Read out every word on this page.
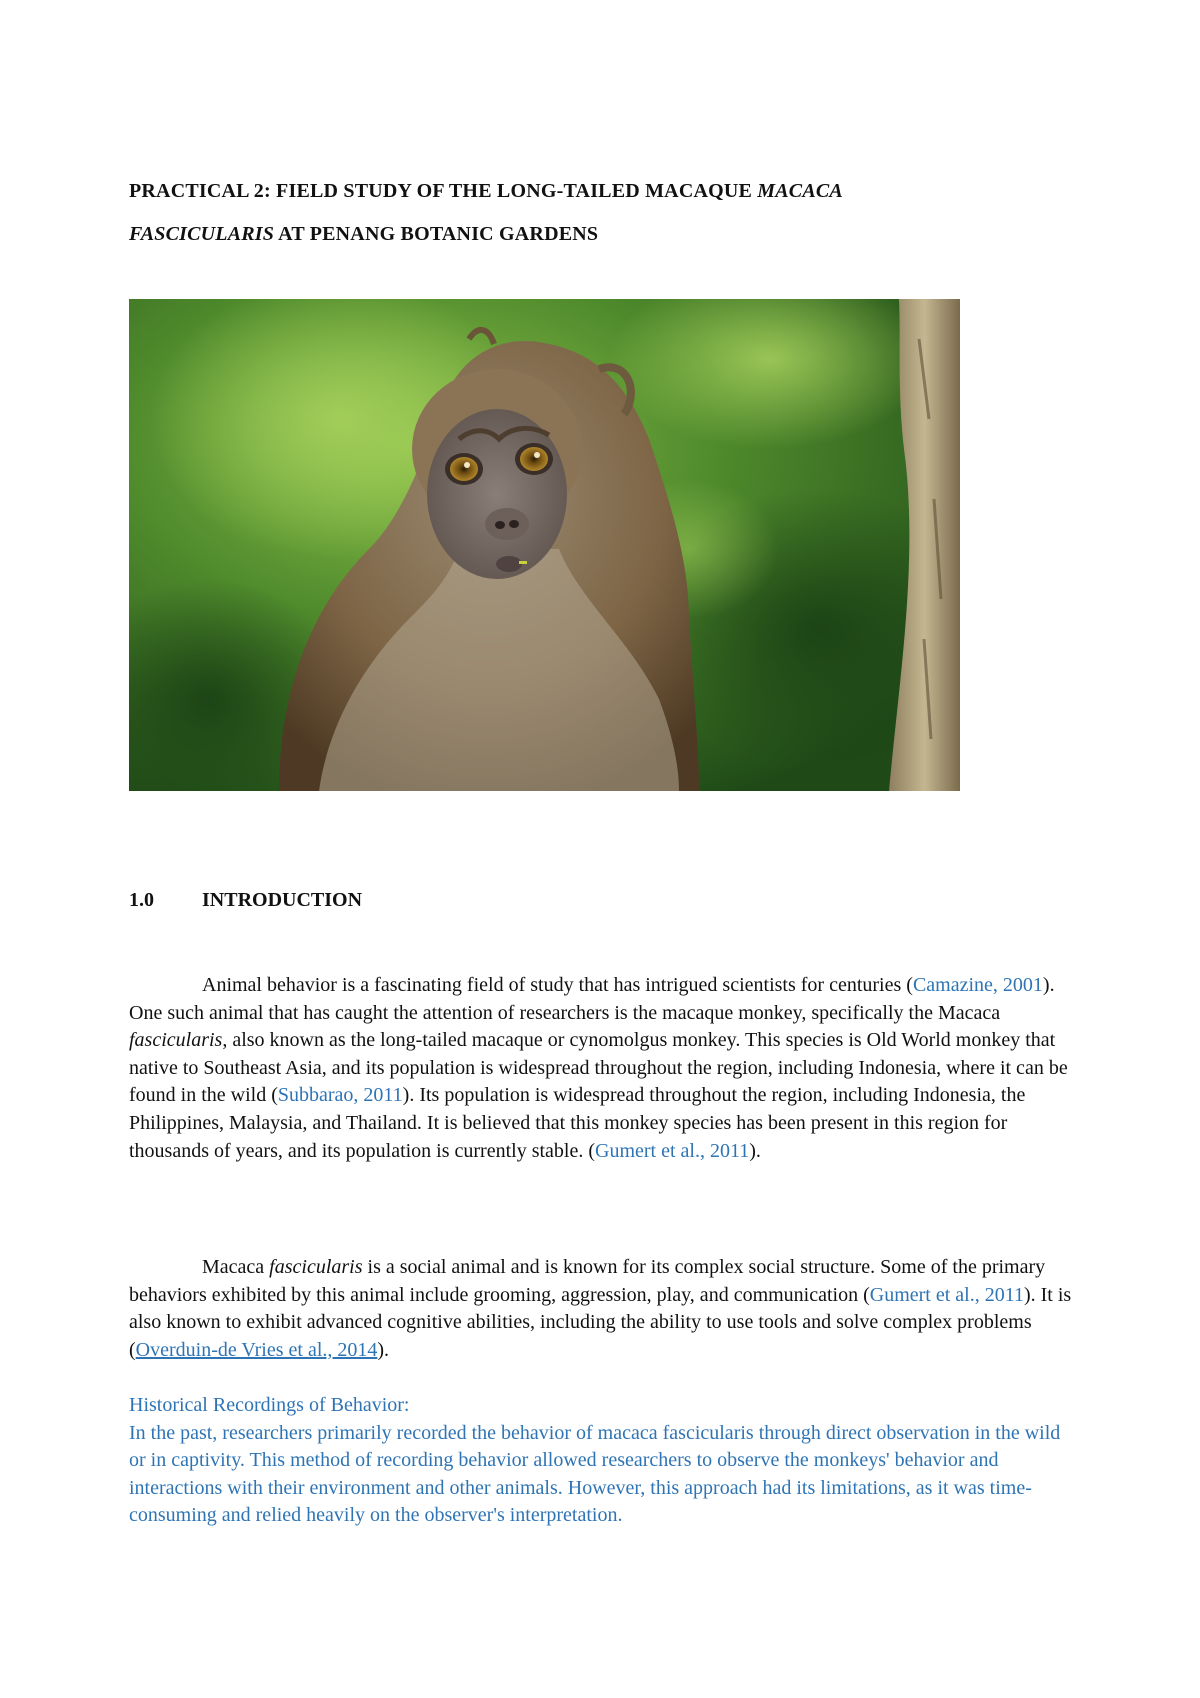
PRACTICAL 2: FIELD STUDY OF THE LONG-TAILED MACAQUE MACACA
FASCICULARIS AT PENANG BOTANIC GARDENS
1.0 INTRODUCTION

Animal behavior is a fascinating field of study that has intrigued scientists for centuries (Camazine, 2001). One such animal that has caught the attention of researchers is the macaque monkey, specifically the Macaca fascicularis, also known as the long-tailed macaque or cynomolgus monkey. This species is Old World monkey that native to Southeast Asia, and its population is widespread throughout the region, including Indonesia, where it can be found in the wild (Subbarao, 2011). Its population is widespread throughout the region, including Indonesia, the Philippines, Malaysia, and Thailand. It is believed that this monkey species has been present in this region for thousands of years, and its population is currently stable. (Gumert et al., 2011).

Macaca fascicularis is a social animal and is known for its complex social structure. Some of the primary behaviors exhibited by this animal include grooming, aggression, play, and communication (Gumert et al., 2011). It is also known to exhibit advanced cognitive abilities, including the ability to use tools and solve complex problems (Overduin-de Vries et al., 2014).

Historical Recordings of Behavior:

In the past, researchers primarily recorded the behavior of macaca fascicularis through direct observation in the wild or in captivity. This method of recording behavior allowed researchers to observe the monkeys' behavior and interactions with their environment and other animals. However, this approach had its limitations, as it was time-consuming and relied heavily on the observer's interpretation.
